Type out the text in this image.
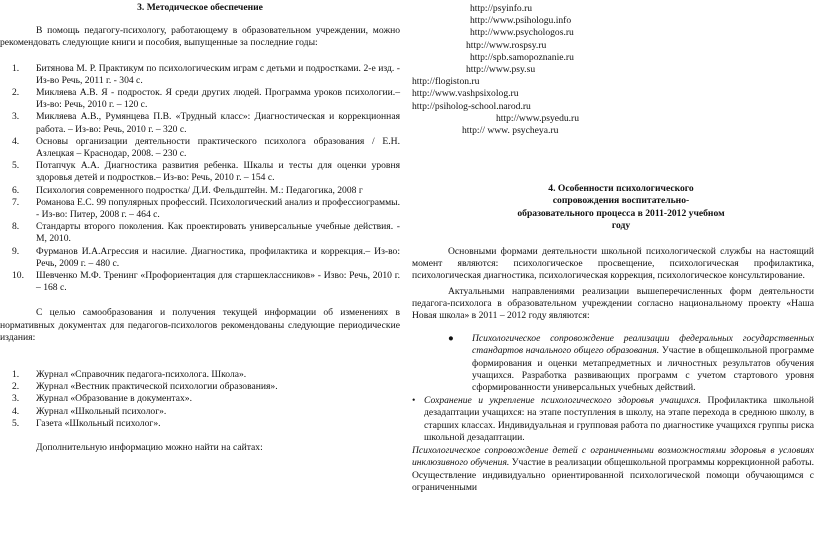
3. Методическое обеспечение

В помощь педагогу-психологу, работающему в образовательном учреждении, можно рекомендовать следующие книги и пособия, выпущенные за последние годы:

1.	Битянова М. Р. Практикум по психологическим играм с детьми и подростками. 2-е изд. - Из-во Речь, 2011 г. - 304 с.
2.	Микляева А.В. Я - подросток. Я среди других людей. Программа уроков психологии.– Из-во: Речь, 2010 г. – 120 с.
3.	Микляева А.В., Румянцева П.В. «Трудный класс»: Диагностическая и коррекционная работа. – Из-во: Речь, 2010 г. – 320 с.
4.	Основы организации деятельности практического психолога образования / Е.Н. Азлецкая – Краснодар, 2008. – 230 с.
5.	Потапчук А.А. Диагностика развития ребенка. Шкалы и тесты для оценки уровня здоровья детей и подростков.– Из-во: Речь, 2010 г. – 154 с.
6.	Психология современного подростка/ Д.И. Фельдштейн. М.: Педагогика, 2008 г
7.	Романова Е.С. 99 популярных профессий. Психологический анализ и профессиограммы. - Из-во: Питер, 2008 г. – 464 с.
8.	Стандарты второго поколения. Как проектировать универсальные учебные действия. - М, 2010.
9.	Фурманов И.А.Агрессия и насилие. Диагностика, профилактика и коррекция.– Из-во: Речь, 2009 г. – 480 с.
10.	Шевченко М.Ф. Тренинг «Профориентация для старшеклассников» - Изво: Речь, 2010 г. – 168 с.

С целью самообразования и получения текущей информации об изменениях в нормативных документах для педагогов-психологов рекомендованы следующие периодические издания:

1.	Журнал «Справочник педагога-психолога. Школа».
2.	Журнал «Вестник практической психологии образования».
3.	Журнал «Образование в документах».
4.	Журнал «Школьный психолог».
5.	Газета «Школьный психолог».

Дополнительную информацию можно найти на сайтах:

http://psyinfo.ru
http://www.psihologu.info
http://www.psychologos.ru
http://www.rospsy.ru
http://spb.samopoznanie.ru
http://www.psy.su
http://flogiston.ru
http://www.vashpsixolog.ru
http://psiholog-school.narod.ru
http://www.psyedu.ru
http:// www. psycheya.ru
4. Особенности психологического
сопровождения воспитательно-
образовательного процесса в 2011-2012 учебном
году

Основными формами деятельности школьной психологической службы на настоящий момент являются: психологическое просвещение, психологическая профилактика, психологическая диагностика, психологическая коррекция, психологическое консультирование.

Актуальными направлениями реализации вышеперечисленных форм деятельности педагога-психолога в образовательном учреждении согласно национальному проекту «Наша Новая школа» в 2011 – 2012 году являются:

● Психологическое сопровождение реализации федеральных государственных стандартов начального общего образования. Участие в общешкольной программе формирования и оценки метапредметных и личностных результатов обучения учащихся. Разработка развивающих программ с учетом стартового уровня сформированности универсальных учебных действий.
• Сохранение и укрепление психологического здоровья учащихся. Профилактика школьной дезадаптации учащихся: на этапе поступления в школу, на этапе перехода в среднюю школу, в старших классах. Индивидуальная и групповая работа по диагностике учащихся группы риска школьной дезадаптации.

Психологическое сопровождение детей с ограниченными возможностями здоровья в условиях инклюзивного обучения. Участие в реализации общешкольной программы коррекционной работы. Осуществление индивидуально ориентированной психологической помощи обучающимся с ограниченными
